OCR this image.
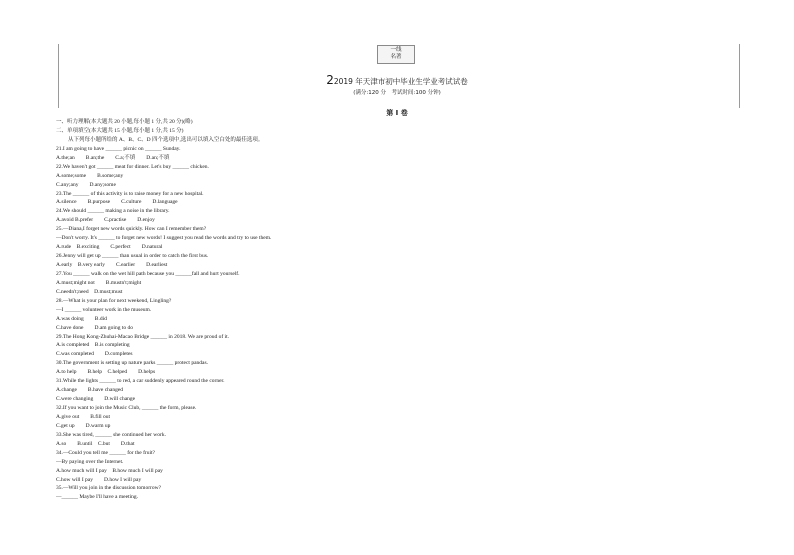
一线
名著
22019 年天津市初中毕业生学业考试试卷
(满分:120 分　考试时间:100 分钟)
第 I 卷
一、听力理解(本大题共 20 小题,每小题 1 分,共 20 分)(略)
二、单项填空(本大题共 15 小题,每小题 1 分,共 15 分)
从下列每小题所给的 A、B、C、D 四个选项中,选出可以填入空白处的最佳选项。
21.I am going to have ______ picnic on ______ Sunday.
A.the;an　　B.an;the　　C.a;不填　　D.an;不填
22.We haven't got ______ meat for dinner. Let's buy ______ chicken.
A.some;some　　B.some;any
C.any;any　　D.any;some
23.The ______ of this activity is to raise money for a new hospital.
A.silence　　B.purpose　　C.culture　　D.language
24.We should ______ making a noise in the library.
A.avoid B.prefer　　C.practise　　D.enjoy
25.—Diana,I forget new words quickly. How can I remember them?
—Don't worry. It's ______ to forget new words! I suggest you read the words and try to use them.
A.rude　B.exciting　　C.perfect　　D.natural
26.Jenny will get up ______ than usual in order to catch the first bus.
A.early　B.very early　　C.earlier　　D.earliest
27.You ______ walk on the wet hill path because you ______fall and hurt yourself.
A.must;might not　　B.mustn't;might
C.needn't;need　D.must;must
28.—What is your plan for next weekend, Lingling?
—I ______ volunteer work in the museum.
A.was doing　　B.did
C.have done　　D.am going to do
29.The Hong Kong-Zhuhai-Macao Bridge ______ in 2018. We are proud of it.
A.is completed　B.is completing
C.was completed　　D.completes
30.The government is setting up nature parks ______ protect pandas.
A.to help　　B.help　C.helped　　D.helps
31.While the lights ______ to red, a car suddenly appeared round the corner.
A.change　　B.have changed
C.were changing　　D.will change
32.If you want to join the Music Club, ______ the form, please.
A.give out　　B.fill out
C.get up　　D.warm up
33.She was tired, ______ she continued her work.
A.so　　B.until　C.but　　D.that
34.—Could you tell me ______ for the fruit?
—By paying over the Internet.
A.how much will I pay　B.how much I will pay
C.how will I pay　　D.how I will pay
35.—Will you join in the discussion tomorrow?
—______ Maybe I'll have a meeting.
